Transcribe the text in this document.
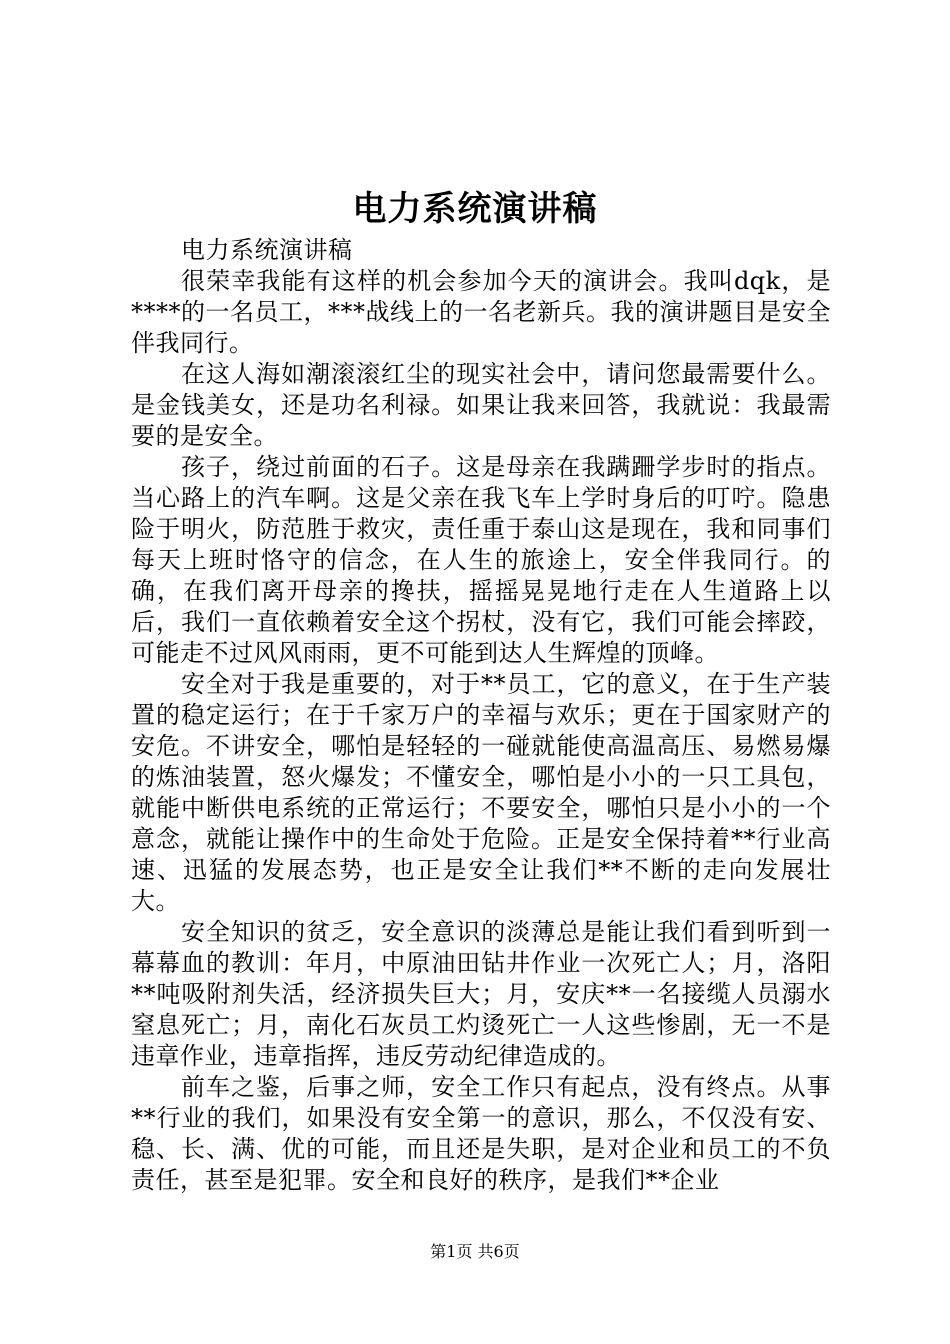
电力系统演讲稿

电力系统演讲稿

很荣幸我能有这样的机会参加今天的演讲会。我叫dqk，是****的一名员工，***战线上的一名老新兵。我的演讲题目是安全伴我同行。

在这人海如潮滚滚红尘的现实社会中，请问您最需要什么。是金钱美女，还是功名利禄。如果让我来回答，我就说：我最需要的是安全。

孩子，绕过前面的石子。这是母亲在我蹒跚学步时的指点。当心路上的汽车啊。这是父亲在我飞车上学时身后的叮咛。隐患险于明火，防范胜于救灾，责任重于泰山这是现在，我和同事们每天上班时恪守的信念，在人生的旅途上，安全伴我同行。的确，在我们离开母亲的搀扶，摇摇晃晃地行走在人生道路上以后，我们一直依赖着安全这个拐杖，没有它，我们可能会摔跤，可能走不过风风雨雨，更不可能到达人生辉煌的顶峰。

安全对于我是重要的，对于**员工，它的意义，在于生产装置的稳定运行；在于千家万户的幸福与欢乐；更在于国家财产的安危。不讲安全，哪怕是轻轻的一碰就能使高温高压、易燃易爆的炼油装置，怒火爆发；不懂安全，哪怕是小小的一只工具包，就能中断供电系统的正常运行；不要安全，哪怕只是小小的一个意念，就能让操作中的生命处于危险。正是安全保持着**行业高速、迅猛的发展态势，也正是安全让我们**不断的走向发展壮大。

安全知识的贫乏，安全意识的淡薄总是能让我们看到听到一幕幕血的教训：年月，中原油田钻井作业一次死亡人；月，洛阳**吨吸附剂失活，经济损失巨大；月，安庆**一名接缆人员溺水窒息死亡；月，南化石灰员工灼烫死亡一人这些惨剧，无一不是违章作业，违章指挥，违反劳动纪律造成的。

前车之鉴，后事之师，安全工作只有起点，没有终点。从事**行业的我们，如果没有安全第一的意识，那么，不仅没有安、稳、长、满、优的可能，而且还是失职，是对企业和员工的不负责任，甚至是犯罪。安全和良好的秩序，是我们**企业

第1页 共6页
